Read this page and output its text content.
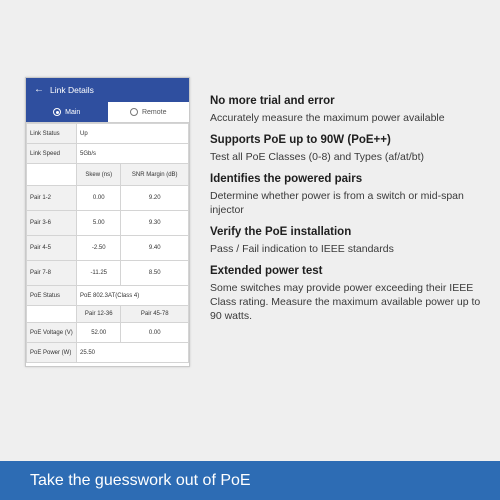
← Link Details
Main	Remote
Link Status	Up	
Link Speed	5Gb/s	
	Skew (ns)	SNR Margin (dB)
Pair 1-2	0.00	9.20
Pair 3-6	5.00	9.30
Pair 4-5	-2.50	9.40
Pair 7-8	-11.25	8.50
PoE Status	PoE 802.3AT(Class 4)	
	Pair 12-36	Pair 45-78
PoE Voltage (V)	52.00	0.00
PoE Power (W)	25.50	
No more trial and error

Accurately measure the maximum power available

Supports PoE up to 90W (PoE++)

Test all PoE Classes (0-8) and Types (af/at/bt)

Identifies the powered pairs

Determine whether power is from a switch or mid-span injector

Verify the PoE installation

Pass / Fail indication to IEEE standards

Extended power test

Some switches may provide power exceeding their IEEE Class rating. Measure the maximum available power up to 90 watts.

Take the guesswork out of PoE
